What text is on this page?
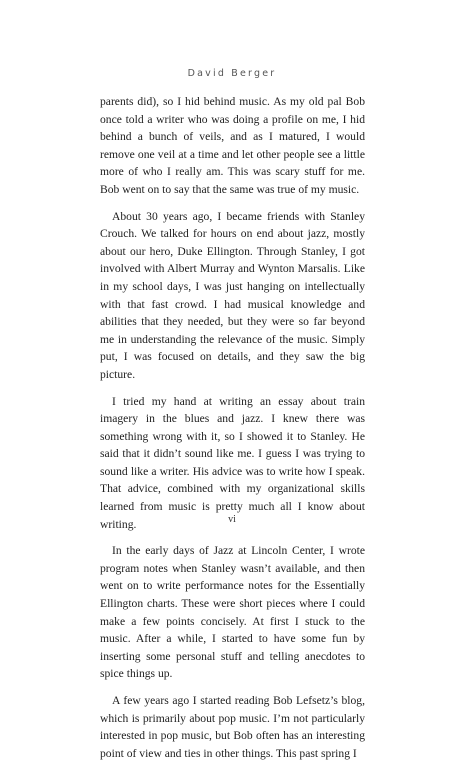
David Berger

parents did), so I hid behind music. As my old pal Bob once told a writer who was doing a profile on me, I hid behind a bunch of veils, and as I matured, I would remove one veil at a time and let other people see a little more of who I really am. This was scary stuff for me. Bob went on to say that the same was true of my music.

About 30 years ago, I became friends with Stanley Crouch. We talked for hours on end about jazz, mostly about our hero, Duke Ellington. Through Stanley, I got involved with Albert Murray and Wynton Marsalis. Like in my school days, I was just hanging on intellectually with that fast crowd. I had musical knowledge and abilities that they needed, but they were so far beyond me in understanding the relevance of the music. Simply put, I was focused on details, and they saw the big picture.

I tried my hand at writing an essay about train imagery in the blues and jazz. I knew there was something wrong with it, so I showed it to Stanley. He said that it didn’t sound like me. I guess I was trying to sound like a writer. His advice was to write how I speak. That advice, combined with my organizational skills learned from music is pretty much all I know about writing.

In the early days of Jazz at Lincoln Center, I wrote program notes when Stanley wasn’t available, and then went on to write performance notes for the Essentially Ellington charts. These were short pieces where I could make a few points concisely. At first I stuck to the music. After a while, I started to have some fun by inserting some personal stuff and telling anecdotes to spice things up.

A few years ago I started reading Bob Lefsetz’s blog, which is primarily about pop music. I’m not particularly interested in pop music, but Bob often has an interesting point of view and ties in other things. This past spring I

vi
